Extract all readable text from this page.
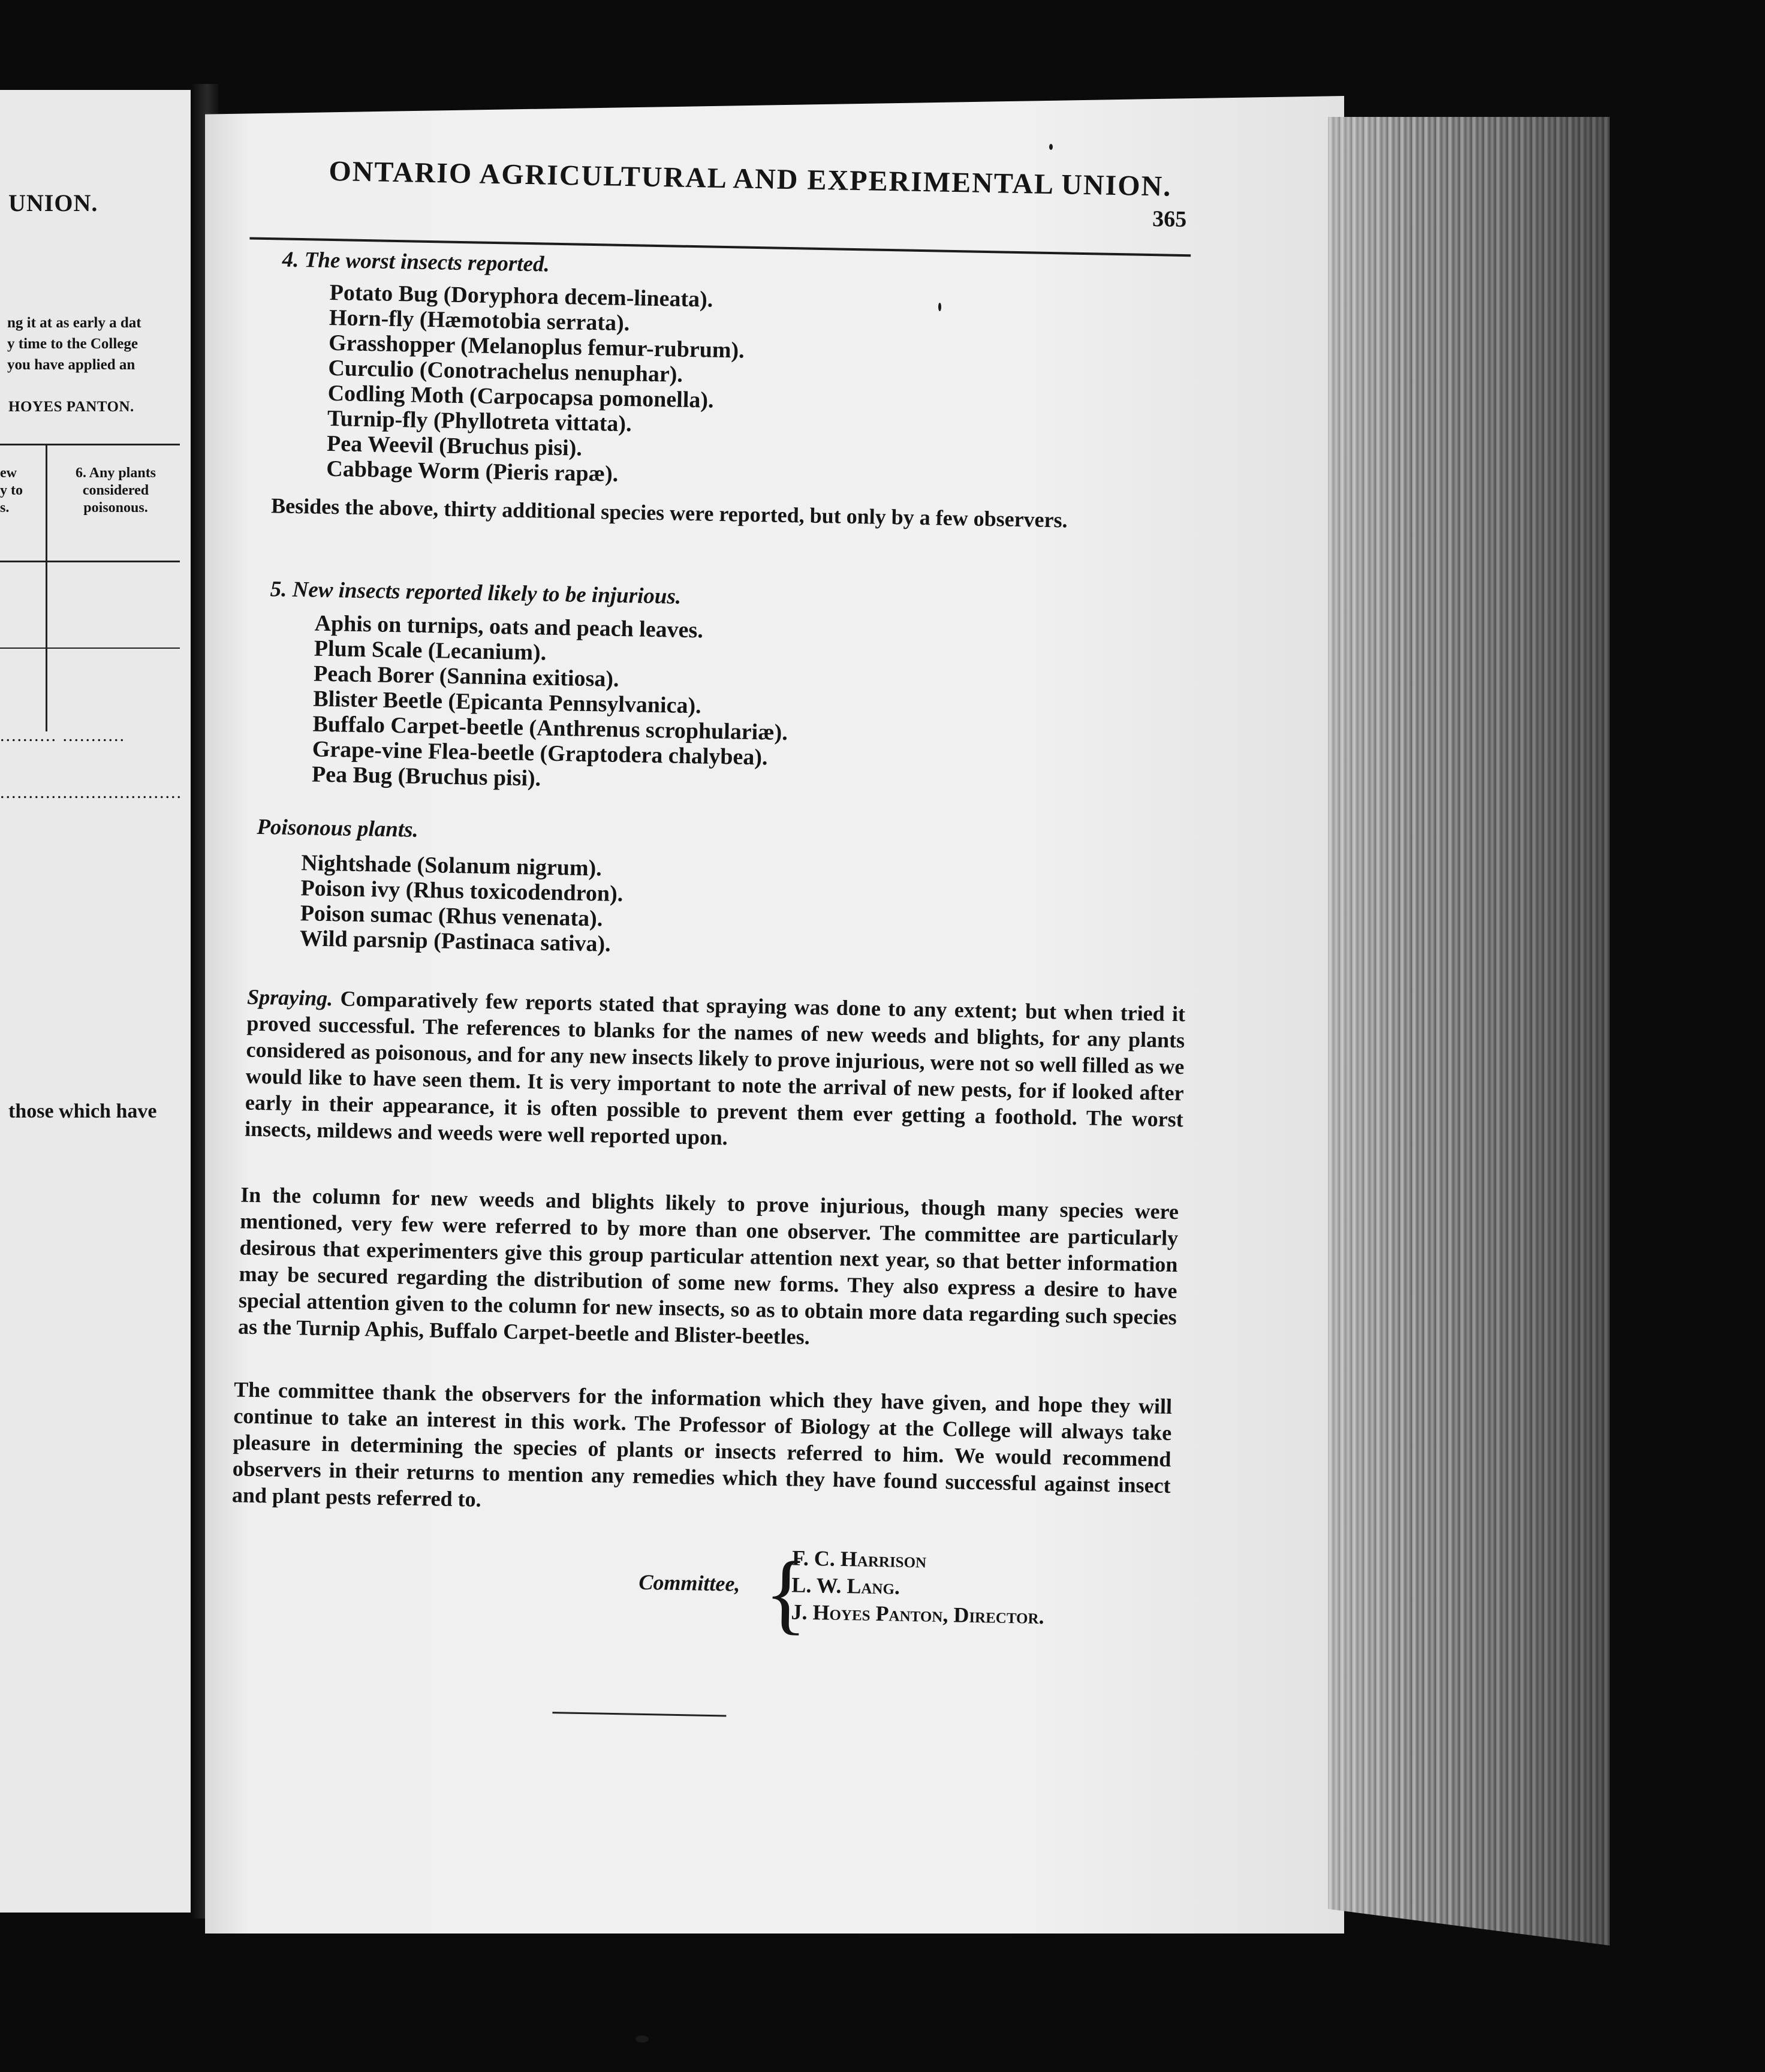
UNION.
ng it at as early a dat
y time to the College
you have applied an
HOYES PANTON.
ew
y to
s.
6. Any plants
considered
poisonous.
.......... ...........
................................
those which have
ONTARIO AGRICULTURAL AND EXPERIMENTAL UNION.
365
4. The worst insects reported.
Potato Bug (Doryphora decem-lineata).
Horn-fly (Hæmotobia serrata).
Grasshopper (Melanoplus femur-rubrum).
Curculio (Conotrachelus nenuphar).
Codling Moth (Carpocapsa pomonella).
Turnip-fly (Phyllotreta vittata).
Pea Weevil (Bruchus pisi).
Cabbage Worm (Pieris rapæ).
Besides the above, thirty additional species were reported, but only by a few observers.
5. New insects reported likely to be injurious.
Aphis on turnips, oats and peach leaves.
Plum Scale (Lecanium).
Peach Borer (Sannina exitiosa).
Blister Beetle (Epicanta Pennsylvanica).
Buffalo Carpet-beetle (Anthrenus scrophulariæ).
Grape-vine Flea-beetle (Graptodera chalybea).
Pea Bug (Bruchus pisi).
Poisonous plants.
Nightshade (Solanum nigrum).
Poison ivy (Rhus toxicodendron).
Poison sumac (Rhus venenata).
Wild parsnip (Pastinaca sativa).
Spraying. Comparatively few reports stated that spraying was done to any extent; but when tried it proved successful. The references to blanks for the names of new weeds and blights, for any plants considered as poisonous, and for any new insects likely to prove injurious, were not so well filled as we would like to have seen them. It is very important to note the arrival of new pests, for if looked after early in their appearance, it is often possible to prevent them ever getting a foothold. The worst insects, mildews and weeds were well reported upon.
In the column for new weeds and blights likely to prove injurious, though many species were mentioned, very few were referred to by more than one observer. The committee are particularly desirous that experimenters give this group particular attention next year, so that better information may be secured regarding the distribution of some new forms. They also express a desire to have special attention given to the column for new insects, so as to obtain more data regarding such species as the Turnip Aphis, Buffalo Carpet-beetle and Blister-beetles.
The committee thank the observers for the information which they have given, and hope they will continue to take an interest in this work. The Professor of Biology at the College will always take pleasure in determining the species of plants or insects referred to him. We would recommend observers in their returns to mention any remedies which they have found successful against insect and plant pests referred to.
Committee, {
F. C. Harrison
L. W. Lang.
J. Hoyes Panton, Director.
